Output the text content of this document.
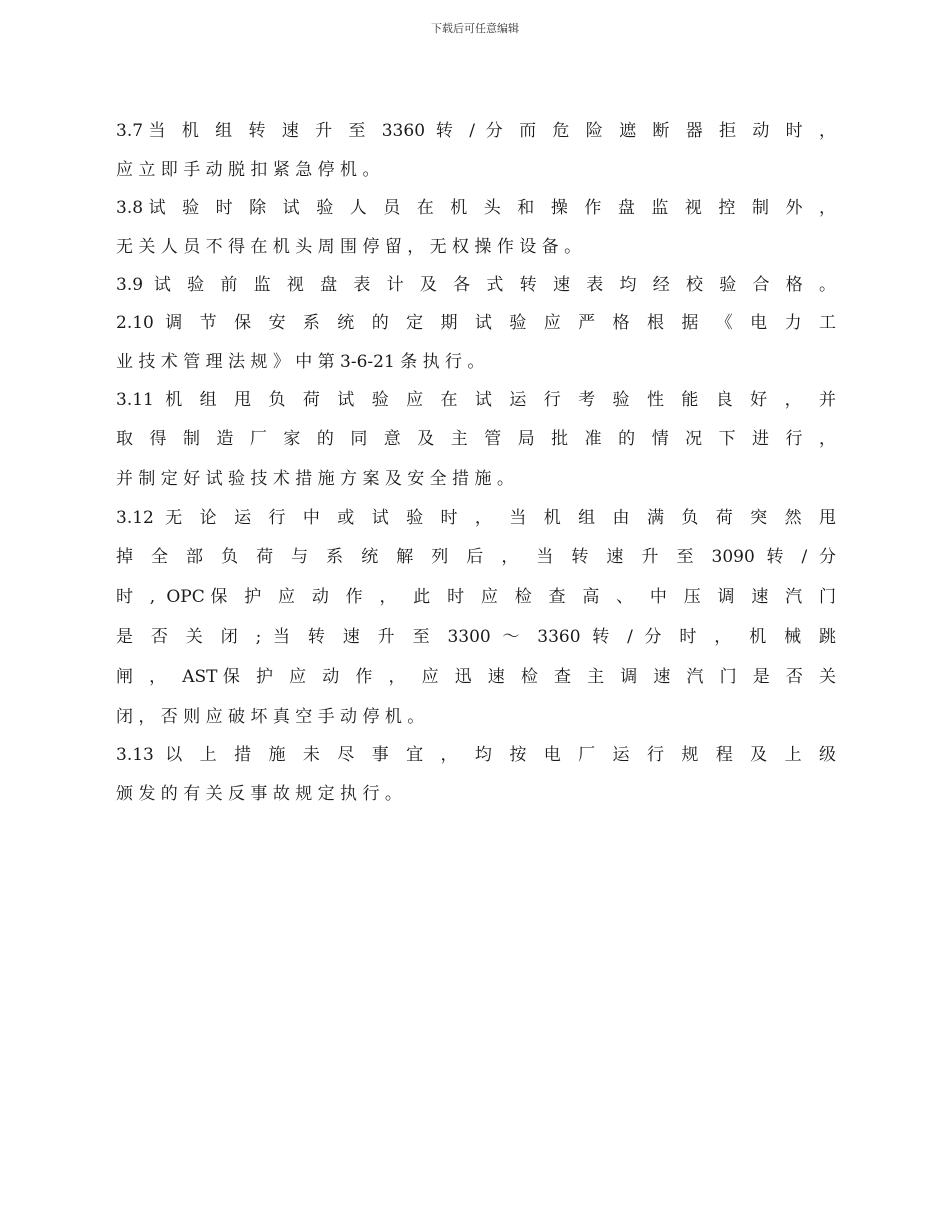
下载后可任意编辑
3.7当 机 组 转 速 升 至 3360 转 / 分 而 危 险 遮 断 器 拒 动 时 ，
应 立 即 手 动 脱 扣 紧 急 停 机 。
3.8试 验 时 除 试 验 人 员 在 机 头 和 操 作 盘 监 视 控 制 外 ，
无 关 人 员 不 得 在 机 头 周 围 停 留 ， 无 权 操 作 设 备 。
3.9 试 验 前 监 视 盘 表 计 及 各 式 转 速 表 均 经 校 验 合 格 。
2.10 调 节 保 安 系 统 的 定 期 试 验 应 严 格 根 据 《 电 力 工
业 技 术 管 理 法 规 》 中 第 3-6-21 条 执 行 。
3.11 机 组 甩 负 荷 试 验 应 在 试 运 行 考 验 性 能 良 好 ， 并
取 得 制 造 厂 家 的 同 意 及 主 管 局 批 准 的 情 况 下 进 行 ，
并 制 定 好 试 验 技 术 措 施 方 案 及 安 全 措 施 。
3.12 无 论 运 行 中 或 试 验 时 ， 当 机 组 由 满 负 荷 突 然 甩
掉 全 部 负 荷 与 系 统 解 列 后 ， 当 转 速 升 至 3090 转 / 分
时 , OPC保 护 应 动 作 ， 此 时 应 检 查 高 、 中 压 调 速 汽 门
是 否 关 闭 ; 当 转 速 升 至 3300 ～ 3360 转 / 分 时 ， 机 械 跳
闸 ， AST保 护 应 动 作 ， 应 迅 速 检 查 主 调 速 汽 门 是 否 关
闭 ， 否 则 应 破 坏 真 空 手 动 停 机 。
3.13 以 上 措 施 未 尽 事 宜 ， 均 按 电 厂 运 行 规 程 及 上 级
颁 发 的 有 关 反 事 故 规 定 执 行 。
